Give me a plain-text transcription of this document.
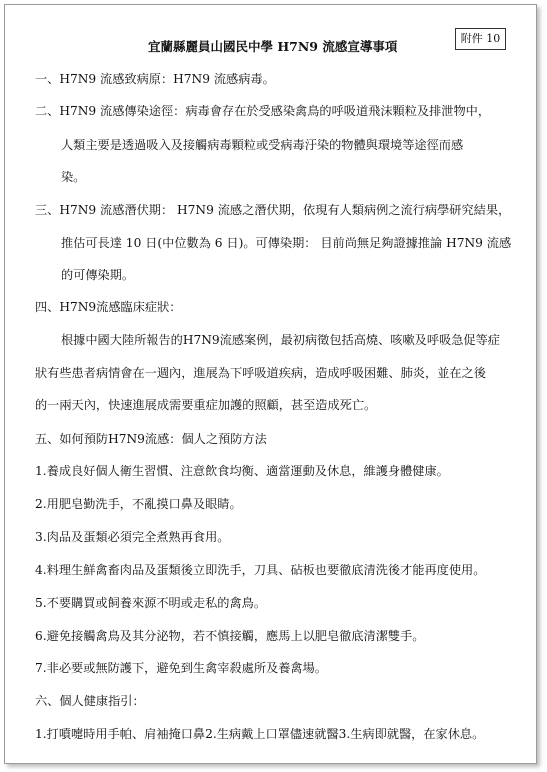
附件 10
宜蘭縣麗員山國民中學 H7N9 流感宣導事項
一、H7N9 流感致病原：H7N9 流感病毒。
二、H7N9 流感傳染途徑：病毒會存在於受感染禽鳥的呼吸道飛沫顆粒及排泄物中，
人類主要是透過吸入及接觸病毒顆粒或受病毒汙染的物體與環境等途徑而感
染。
三、H7N9 流感潛伏期： H7N9 流感之潛伏期，依現有人類病例之流行病學研究結果，
推估可長達 10 日(中位數為 6 日)。可傳染期： 目前尚無足夠證據推論 H7N9 流感
的可傳染期。
四、H7N9流感臨床症狀：
根據中國大陸所報告的H7N9流感案例，最初病徵包括高燒、咳嗽及呼吸急促等症
狀有些患者病情會在一週內，進展為下呼吸道疾病，造成呼吸困難、肺炎，並在之後
的一兩天內，快速進展成需要重症加護的照顧，甚至造成死亡。
五、如何預防H7N9流感：個人之預防方法
1.養成良好個人衛生習慣、注意飲食均衡、適當運動及休息，維護身體健康。
2.用肥皂勤洗手，不亂摸口鼻及眼睛。
3.肉品及蛋類必須完全煮熟再食用。
4.料理生鮮禽畜肉品及蛋類後立即洗手，刀具、砧板也要徹底清洗後才能再度使用。
5.不要購買或飼養來源不明或走私的禽鳥。
6.避免接觸禽鳥及其分泌物，若不慎接觸，應馬上以肥皂徹底清潔雙手。
7.非必要或無防護下，避免到生禽宰殺處所及養禽場。
六、個人健康指引：
1.打噴嚏時用手帕、肩袖掩口鼻2.生病戴上口罩儘速就醫3.生病即就醫，在家休息。
